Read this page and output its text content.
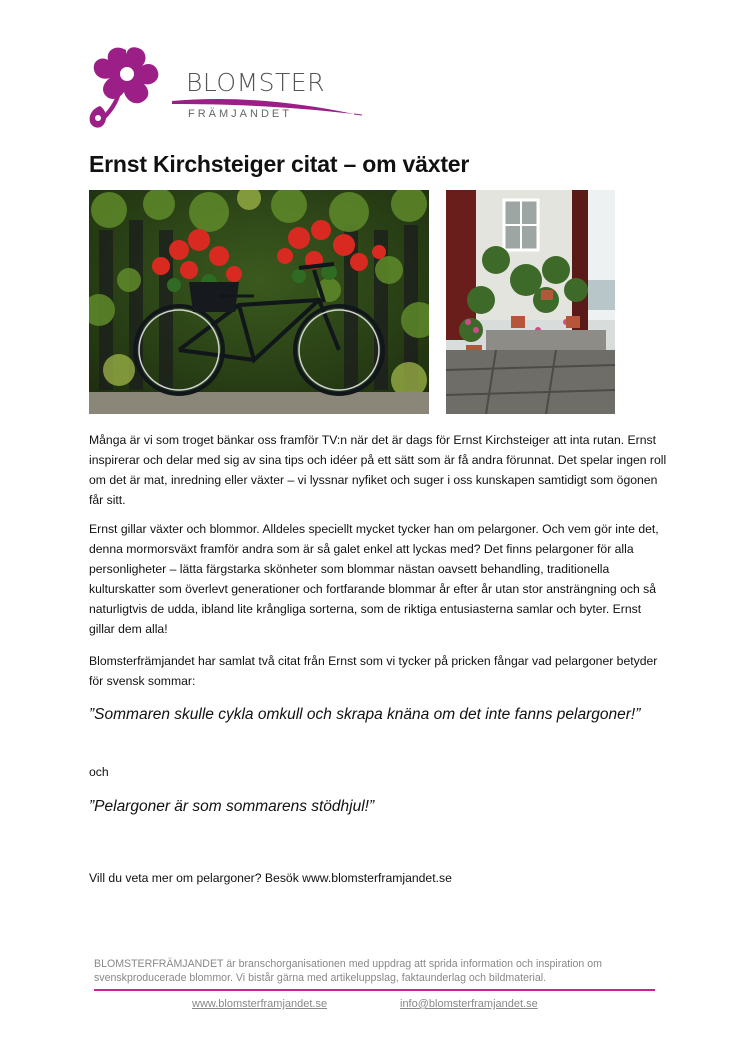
BLOMSTER
FRÄMJANDET
Ernst Kirchsteiger citat – om växter

Många är vi som troget bänkar oss framför TV:n när det är dags för Ernst Kirchsteiger att inta rutan. Ernst inspirerar och delar med sig av sina tips och idéer på ett sätt som är få andra förunnat. Det spelar ingen roll om det är mat, inredning eller växter – vi lyssnar nyfiket och suger i oss kunskapen samtidigt som ögonen får sitt.

Ernst gillar växter och blommor. Alldeles speciellt mycket tycker han om pelargoner. Och vem gör inte det, denna mormorsväxt framför andra som är så galet enkel att lyckas med? Det finns pelargoner för alla personligheter – lätta färgstarka skönheter som blommar nästan oavsett behandling, traditionella kulturskatter som överlevt generationer och fortfarande blommar år efter år utan stor ansträngning och så naturligtvis de udda, ibland lite krångliga sorterna, som de riktiga entusiasterna samlar och byter. Ernst gillar dem alla!

Blomsterfrämjandet har samlat två citat från Ernst som vi tycker på pricken fångar vad pelargoner betyder för svensk sommar:

”Sommaren skulle cykla omkull och skrapa knäna om det inte fanns pelargoner!”

och

”Pelargoner är som sommarens stödhjul!”

Vill du veta mer om pelargoner? Besök www.blomsterframjandet.se

BLOMSTERFRÄMJANDET är branschorganisationen med uppdrag att sprida information och inspiration om svenskproducerade blommor. Vi bistår gärna med artikeluppslag, faktaunderlag och bildmaterial.
www.blomsterframjandet.se	info@blomsterframjandet.se
